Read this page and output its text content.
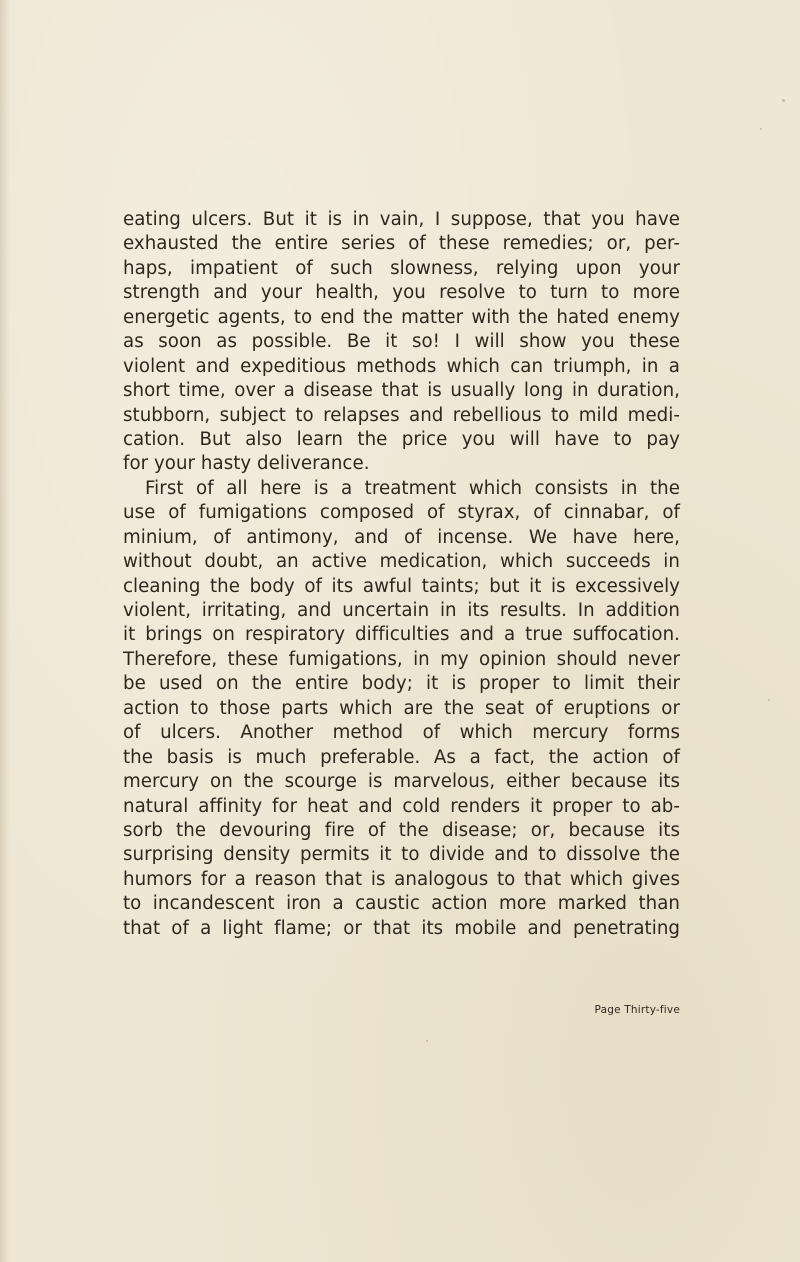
eating ulcers. But it is in vain, I suppose, that you have
exhausted the entire series of these remedies; or, per-
haps, impatient of such slowness, relying upon your
strength and your health, you resolve to turn to more
energetic agents, to end the matter with the hated enemy
as soon as possible. Be it so! I will show you these
violent and expeditious methods which can triumph, in a
short time, over a disease that is usually long in duration,
stubborn, subject to relapses and rebellious to mild medi-
cation. But also learn the price you will have to pay
for your hasty deliverance.
First of all here is a treatment which consists in the
use of fumigations composed of styrax, of cinnabar, of
minium, of antimony, and of incense. We have here,
without doubt, an active medication, which succeeds in
cleaning the body of its awful taints; but it is excessively
violent, irritating, and uncertain in its results. In addition
it brings on respiratory difficulties and a true suffocation.
Therefore, these fumigations, in my opinion should never
be used on the entire body; it is proper to limit their
action to those parts which are the seat of eruptions or
of ulcers. Another method of which mercury forms
the basis is much preferable. As a fact, the action of
mercury on the scourge is marvelous, either because its
natural affinity for heat and cold renders it proper to ab-
sorb the devouring fire of the disease; or, because its
surprising density permits it to divide and to dissolve the
humors for a reason that is analogous to that which gives
to incandescent iron a caustic action more marked than
that of a light flame; or that its mobile and penetrating
Page Thirty-five
